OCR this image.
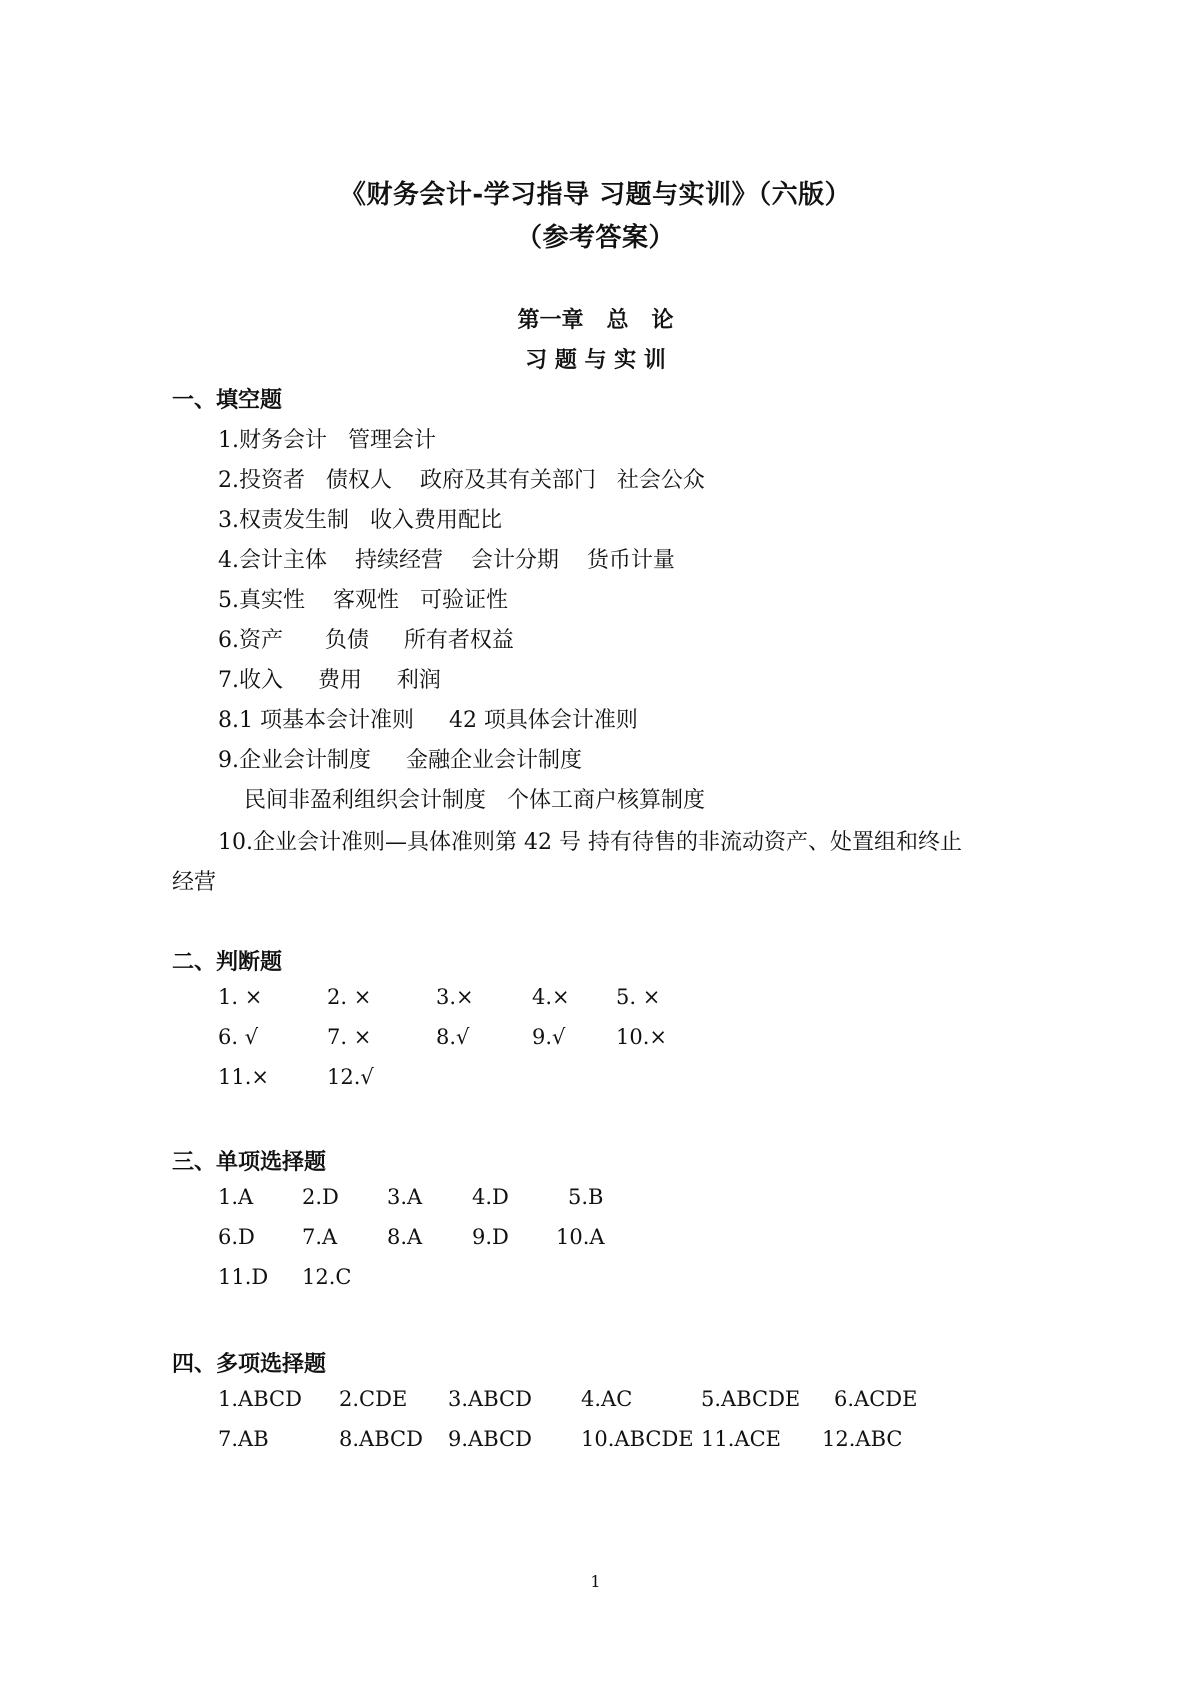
《财务会计-学习指导 习题与实训》（六版）
（参考答案）
第一章   总   论
习 题 与 实 训
一、填空题
1.财务会计   管理会计
2.投资者   债权人    政府及其有关部门   社会公众
3.权责发生制   收入费用配比
4.会计主体    持续经营    会计分期    货币计量
5.真实性    客观性   可验证性
6.资产      负债     所有者权益
7.收入     费用     利润
8.1 项基本会计准则     42 项具体会计准则
9.企业会计制度     金融企业会计制度
民间非盈利组织会计制度   个体工商户核算制度
10.企业会计准则—具体准则第 42 号 持有待售的非流动资产、处置组和终止
经营
二、判断题
1. ×	2. ×	3.×	4.× 5. ×
6. √	7. ×	8.√	9.√ 10.×
11.×	12.√
三、单项选择题
1.A 2.D 3.A 4.D	5.B
6.D 7.A 8.A 9.D 10.A
11.D 12.C
四、多项选择题
1.ABCD 2.CDE 3.ABCD 4.AC	5.ABCDE 6.ACDE
7.AB	8.ABCD 9.ABCD 10.ABCDE 11.ACE 12.ABC
1
